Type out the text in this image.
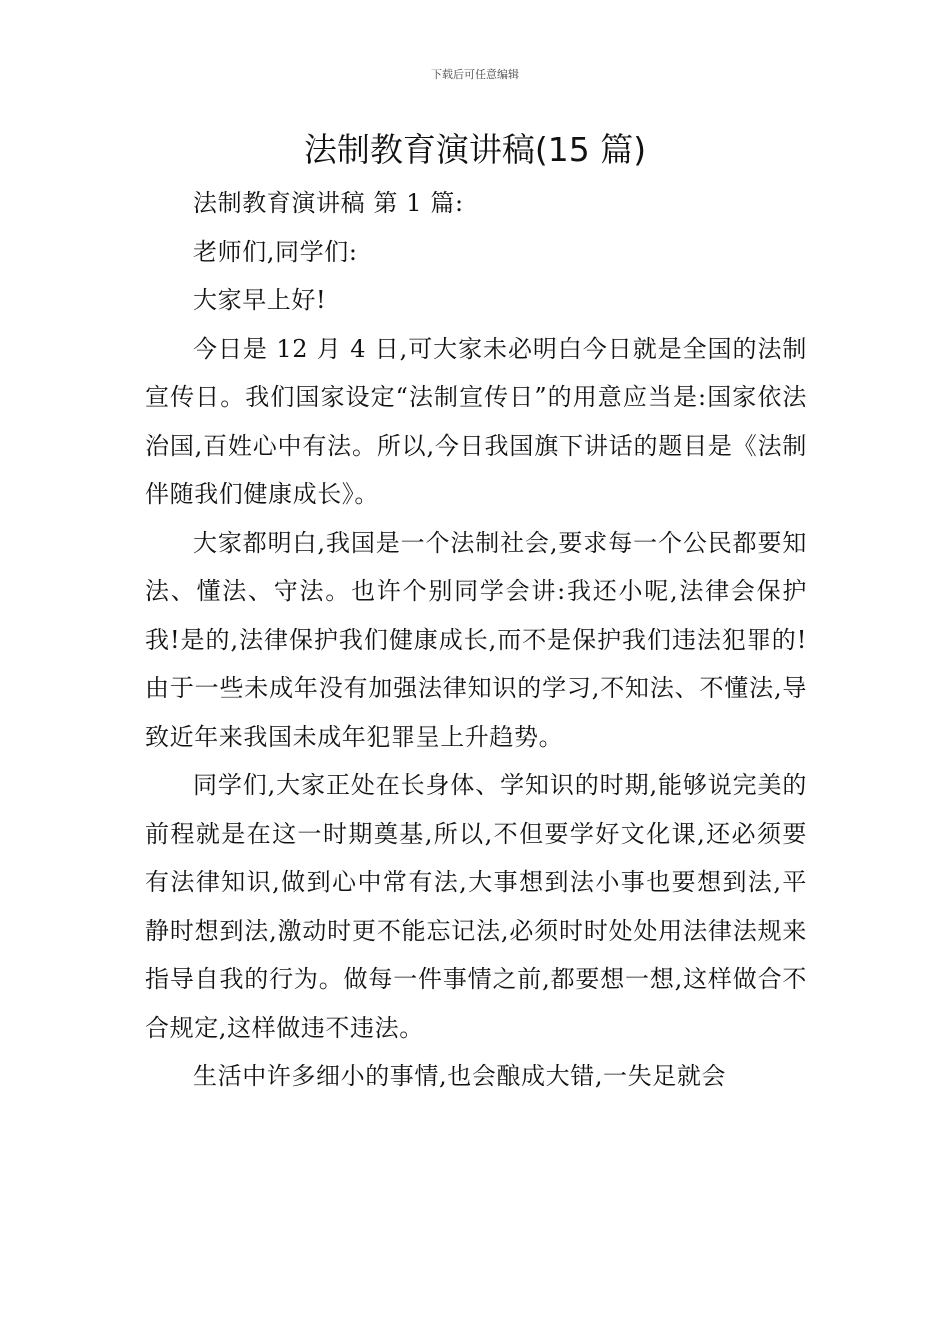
下载后可任意编辑
法制教育演讲稿(15 篇)

法制教育演讲稿 第 1 篇:

老师们,同学们:

大家早上好!

今日是 12 月 4 日,可大家未必明白今日就是全国的法制宣传日。我们国家设定“法制宣传日”的用意应当是:国家依法治国,百姓心中有法。所以,今日我国旗下讲话的题目是《法制伴随我们健康成长》。

大家都明白,我国是一个法制社会,要求每一个公民都要知法、懂法、守法。也许个别同学会讲:我还小呢,法律会保护我!是的,法律保护我们健康成长,而不是保护我们违法犯罪的!由于一些未成年没有加强法律知识的学习,不知法、不懂法,导致近年来我国未成年犯罪呈上升趋势。

同学们,大家正处在长身体、学知识的时期,能够说完美的前程就是在这一时期奠基,所以,不但要学好文化课,还必须要有法律知识,做到心中常有法,大事想到法小事也要想到法,平静时想到法,激动时更不能忘记法,必须时时处处用法律法规来指导自我的行为。做每一件事情之前,都要想一想,这样做合不合规定,这样做违不违法。

生活中许多细小的事情,也会酿成大错,一失足就会
